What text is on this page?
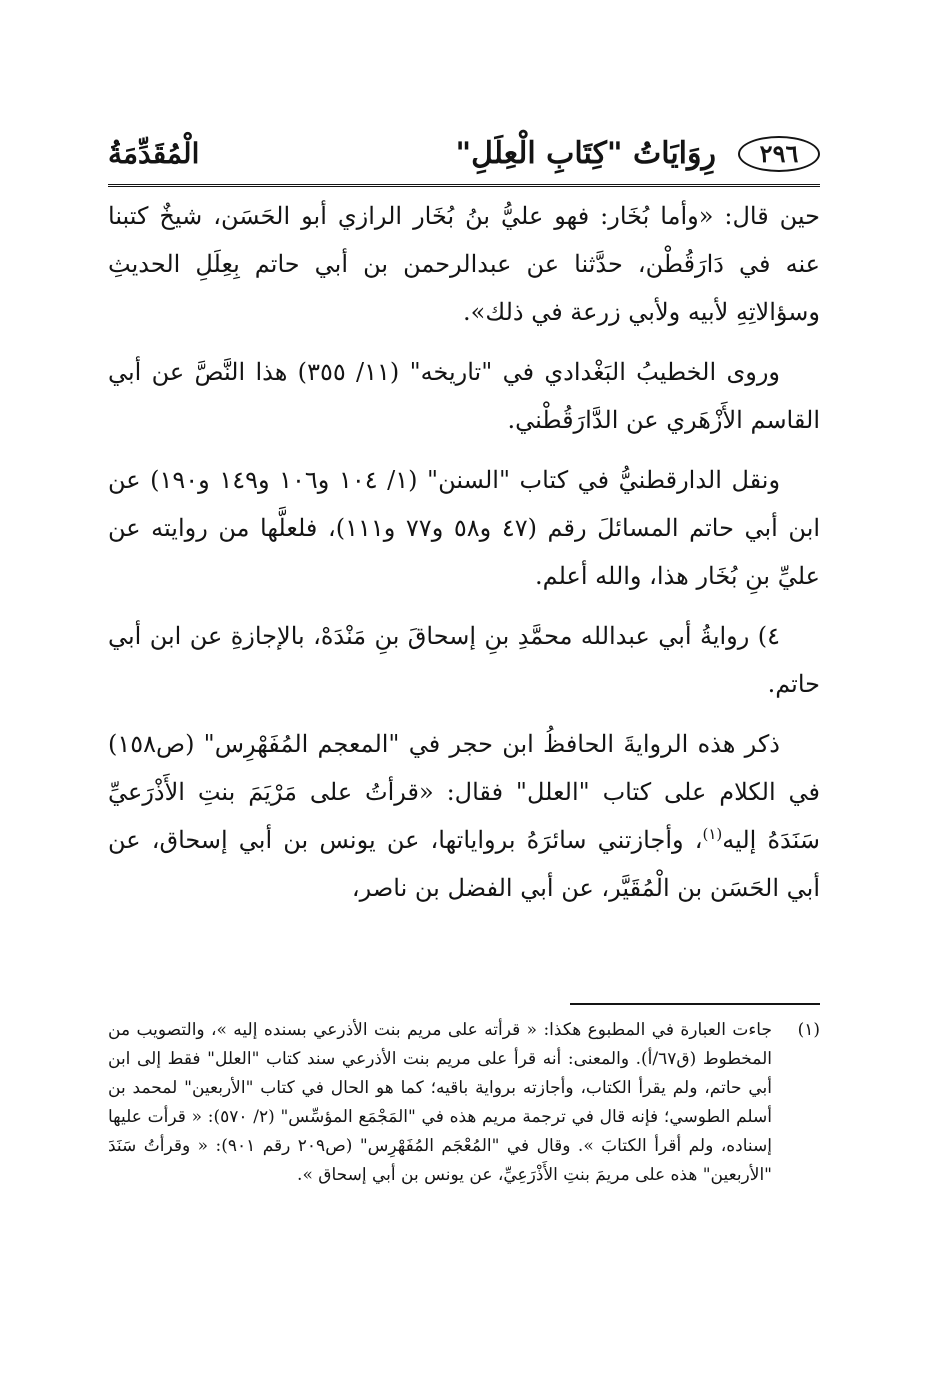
٢٩٦
رِوَايَاتُ "كِتَابِ الْعِلَلِ"
الْمُقَدِّمَةُ

حين قال: «وأما بُخَار: فهو عليُّ بنُ بُخَار الرازي أبو الحَسَن، شيخٌ كتبنا عنه في دَارَقُطْن، حدَّثنا عن عبدالرحمن بن أبي حاتم بِعِلَلِ الحديثِ وسؤالاتِهِ لأبيه ولأبي زرعة في ذلك».

وروى الخطيبُ البَغْدادي في "تاريخه" (١١/ ٣٥٥) هذا النَّصَّ عن أبي القاسم الأَزْهَري عن الدَّارَقُطْني.

ونقل الدارقطنيُّ في كتاب "السنن" (١/ ١٠٤ و١٠٦ و١٤٩ و١٩٠) عن ابن أبي حاتم المسائلَ رقم (٤٧ و٥٨ و٧٧ و١١١)، فلعلَّها من روايته عن عليِّ بنِ بُخَار هذا، والله أعلم.

٤) روايةُ أبي عبدالله محمَّدِ بنِ إسحاقَ بنِ مَنْدَهْ، بالإجازةِ عن ابن أبي حاتم.

ذكر هذه الروايةَ الحافظُ ابن حجر في "المعجم المُفَهْرِس" (ص١٥٨) في الكلام على كتاب "العلل" فقال: «قرأتُ على مَرْيَمَ بنتِ الأَذْرَعيِّ سَنَدَهُ إليه$^{(١)}$، وأجازتني سائرَهُ برواياتها، عن يونس بن أبي إسحاق، عن أبي الحَسَن بن الْمُقَيَّر، عن أبي الفضل بن ناصر،

(١)
جاءت العبارة في المطبوع هكذا: « قرأته على مريم بنت الأذرعي بسنده إليه »، والتصويب من المخطوط (ق٦٧/أ). والمعنى: أنه قرأ على مريم بنت الأذرعي سند كتاب "العلل" فقط إلى ابن أبي حاتم، ولم يقرأ الكتاب، وأجازته برواية باقيه؛ كما هو الحال في كتاب "الأربعين" لمحمد بن أسلم الطوسي؛ فإنه قال في ترجمة مريم هذه في "المَجْمَع المؤسِّس" (٢/ ٥٧٠): « قرأت عليها إسناده، ولم أقرأ الكتابَ ». وقال في "المُعْجَم المُفَهْرِس" (ص٢٠٩ رقم ٩٠١): « وقرأتُ سَنَدَ "الأربعين" هذه على مريمَ بنتِ الأَذْرَعِيِّ، عن يونس بن أبي إسحاق ».
